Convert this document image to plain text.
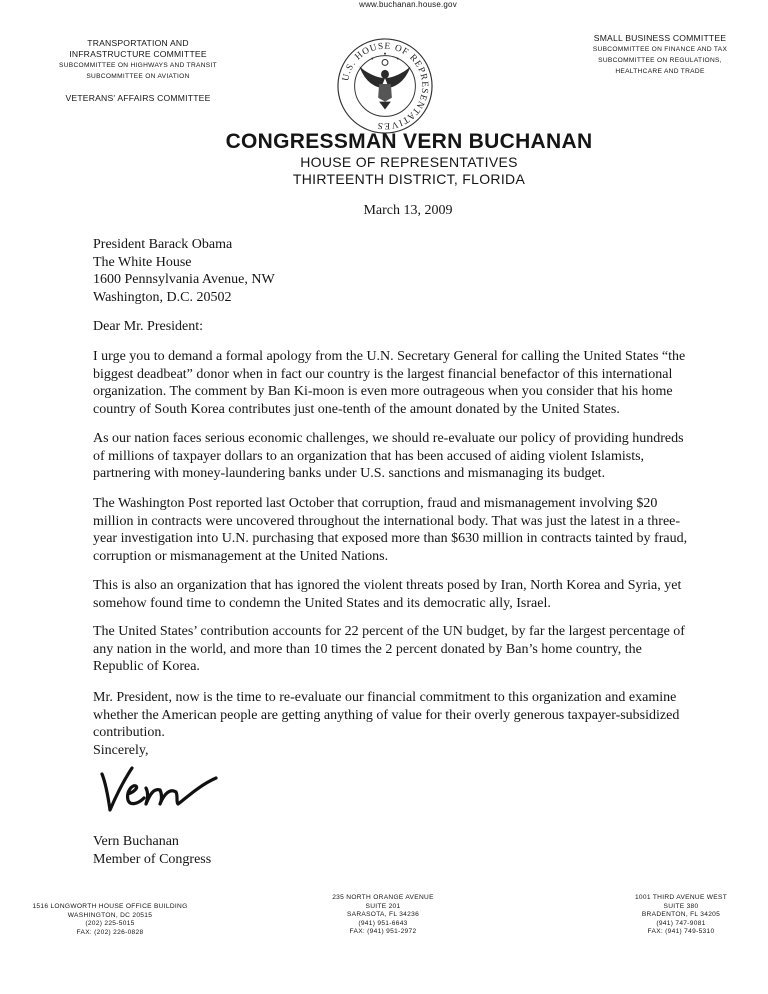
TRANSPORTATION AND
INFRASTRUCTURE COMMITTEE
SUBCOMMITTEE ON HIGHWAYS AND TRANSIT
SUBCOMMITTEE ON AVIATION
VETERANS' AFFAIRS COMMITTEE
U.S. HOUSE OF REPRESENTATIVES
SMALL BUSINESS COMMITTEE
SUBCOMMITTEE ON FINANCE AND TAX
SUBCOMMITTEE ON REGULATIONS,
HEALTHCARE AND TRADE
CONGRESSMAN VERN BUCHANAN
HOUSE OF REPRESENTATIVES
THIRTEENTH DISTRICT, FLORIDA
March 13, 2009
President Barack Obama
The White House
1600 Pennsylvania Avenue, NW
Washington, D.C. 20502
Dear Mr. President:
I urge you to demand a formal apology from the U.N. Secretary General for calling the United States “the biggest deadbeat” donor when in fact our country is the largest financial benefactor of this international organization. The comment by Ban Ki-moon is even more outrageous when you consider that his home country of South Korea contributes just one-tenth of the amount donated by the United States.
As our nation faces serious economic challenges, we should re-evaluate our policy of providing hundreds of millions of taxpayer dollars to an organization that has been accused of aiding violent Islamists, partnering with money-laundering banks under U.S. sanctions and mismanaging its budget.
The Washington Post reported last October that corruption, fraud and mismanagement involving $20 million in contracts were uncovered throughout the international body. That was just the latest in a three-year investigation into U.N. purchasing that exposed more than $630 million in contracts tainted by fraud, corruption or mismanagement at the United Nations.
This is also an organization that has ignored the violent threats posed by Iran, North Korea and Syria, yet somehow found time to condemn the United States and its democratic ally, Israel.
The United States’ contribution accounts for 22 percent of the UN budget, by far the largest percentage of any nation in the world, and more than 10 times the 2 percent donated by Ban’s home country, the Republic of Korea.
Mr. President, now is the time to re-evaluate our financial commitment to this organization and examine whether the American people are getting anything of value for their overly generous taxpayer-subsidized contribution.
Sincerely,
Vern Buchanan
Member of Congress
1516 LONGWORTH HOUSE OFFICE BUILDING
WASHINGTON, DC 20515
(202) 225-5015
FAX: (202) 226-0828
235 NORTH ORANGE AVENUE
SUITE 201
SARASOTA, FL 34236
(941) 951-6643
FAX: (941) 951-2972
1001 THIRD AVENUE WEST
SUITE 380
BRADENTON, FL 34205
(941) 747-9081
FAX: (941) 749-5310
www.buchanan.house.gov
